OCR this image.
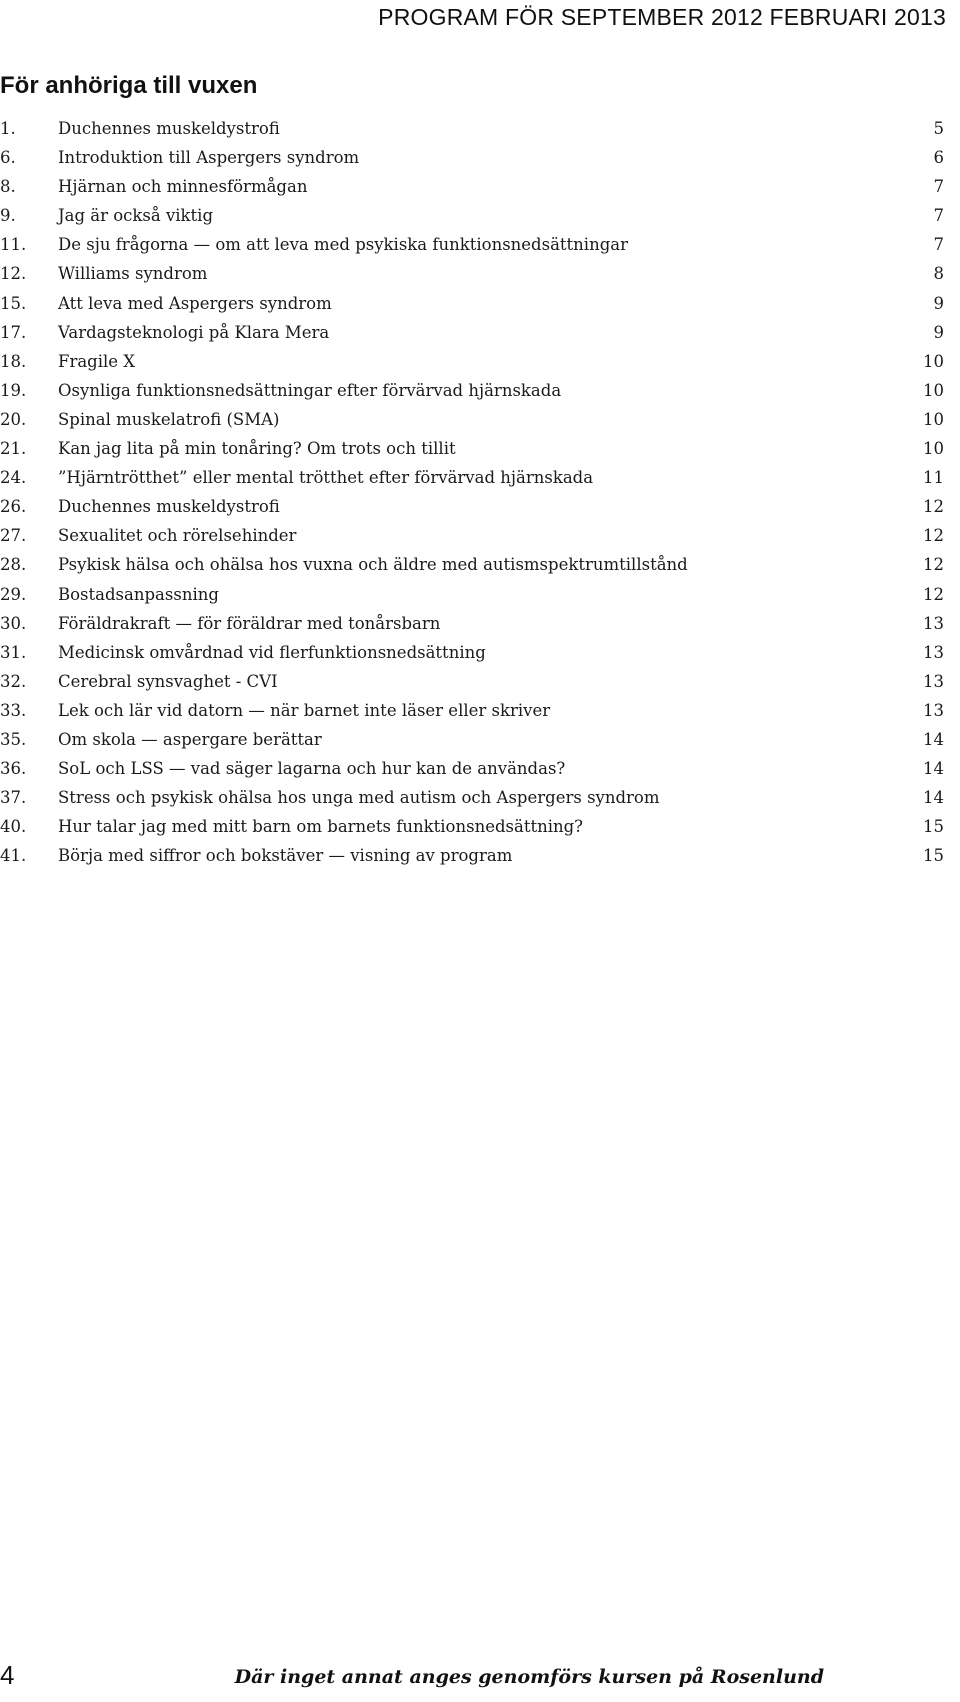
PROGRAM FÖR SEPTEMBER 2012 FEBRUARI 2013
För anhöriga till vuxen
1.	Duchennes muskeldystrofi	5
6.	Introduktion till Aspergers syndrom	6
8.	Hjärnan och minnesförmågan	7
9.	Jag är också viktig	7
11. De sju frågorna — om att leva med psykiska funktionsnedsättningar	7
12. Williams syndrom	8
15. Att leva med Aspergers syndrom	9
17. Vardagsteknologi på Klara Mera	9
18. Fragile X	10
19. Osynliga funktionsnedsättningar efter förvärvad hjärnskada	10
20. Spinal muskelatrofi (SMA)	10
21. Kan jag lita på min tonåring? Om trots och tillit	10
24. ”Hjärntrötthet” eller mental trötthet efter förvärvad hjärnskada	11
26. Duchennes muskeldystrofi	12
27. Sexualitet och rörelsehinder	12
28. Psykisk hälsa och ohälsa hos vuxna och äldre med autismspektrumtillstånd	12
29. Bostadsanpassning	12
30. Föräldrakraft — för föräldrar med tonårsbarn	13
31. Medicinsk omvårdnad vid flerfunktionsnedsättning	13
32. Cerebral synsvaghet - CVI	13
33. Lek och lär vid datorn — när barnet inte läser eller skriver	13
35. Om skola — aspergare berättar	14
36. SoL och LSS — vad säger lagarna och hur kan de användas?	14
37. Stress och psykisk ohälsa hos unga med autism och Aspergers syndrom	14
40. Hur talar jag med mitt barn om barnets funktionsnedsättning?	15
41. Börja med siffror och bokstäver — visning av program	15
4	Där inget annat anges genomförs kursen på Rosenlund
